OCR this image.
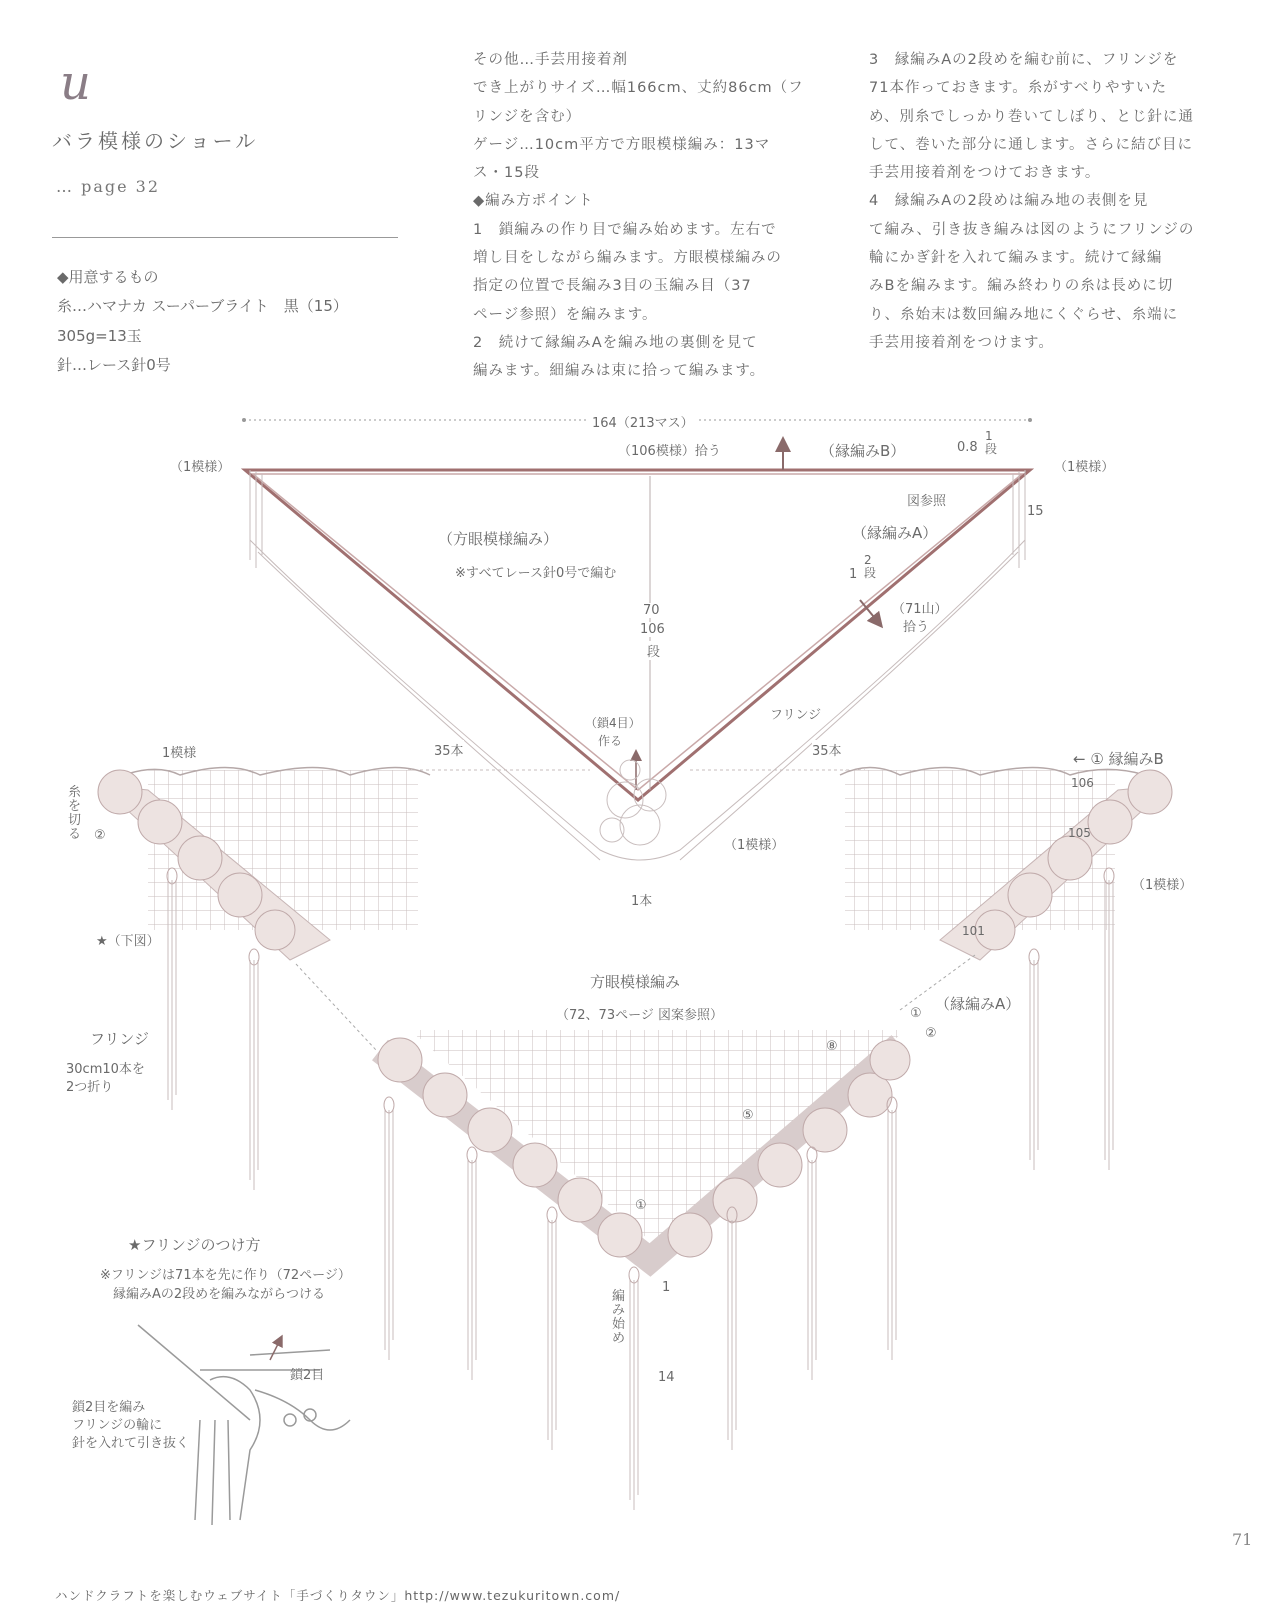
u
バラ模様のショール
… page 32
◆用意するもの
糸…ハマナカ スーパーブライト　黒（15）
305g=13玉
針…レース針0号
その他…手芸用接着剤
でき上がりサイズ…幅166cm、丈約86cm（フ
リンジを含む）
ゲージ…10cm平方で方眼模様編み：13マ
ス・15段
◆編み方ポイント
1　鎖編みの作り目で編み始めます。左右で
増し目をしながら編みます。方眼模様編みの
指定の位置で長編み3目の玉編み目（37
ページ参照）を編みます。
2　続けて縁編みAを編み地の裏側を見て
編みます。細編みは束に拾って編みます。
3　縁編みAの2段めを編む前に、フリンジを
71本作っておきます。糸がすべりやすいた
め、別糸でしっかり巻いてしぼり、とじ針に通
して、巻いた部分に通します。さらに結び目に
手芸用接着剤をつけておきます。
4　縁編みAの2段めは編み地の表側を見
て編み、引き抜き編みは図のようにフリンジの
輪にかぎ針を入れて編みます。続けて縁編
みBを編みます。編み終わりの糸は長めに切
り、糸始末は数回編み地にくぐらせ、糸端に
手芸用接着剤をつけます。
164（213マス）
（106模様）拾う	（縁編みB）	0.8
1段
（1模様）	（1模様）
図参照
15
（縁編みA）
1
2段
（71山）
拾う
（方眼模様編み）
※すべてレース針0号で編む
70
106
段
（鎖4目）
作る
フリンジ
35本	35本
（1模様）
1本
1模様
糸を切る ②
★（下図）
フリンジ
30cm10本を
2つ折り
← ① 縁編みB
106
105
101
（1模様）
（縁編みA）
①
②
方眼模様編み
（72、73ページ 図案参照）
⑧
⑤
①
編み始め
1
14
★フリンジのつけ方
※フリンジは71本を先に作り（72ページ）
縁編みAの2段めを編みながらつける
鎖2目
鎖2目を編み
フリンジの輪に
針を入れて引き抜く
71
ハンドクラフトを楽しむウェブサイト「手づくりタウン」http://www.tezukuritown.com/
